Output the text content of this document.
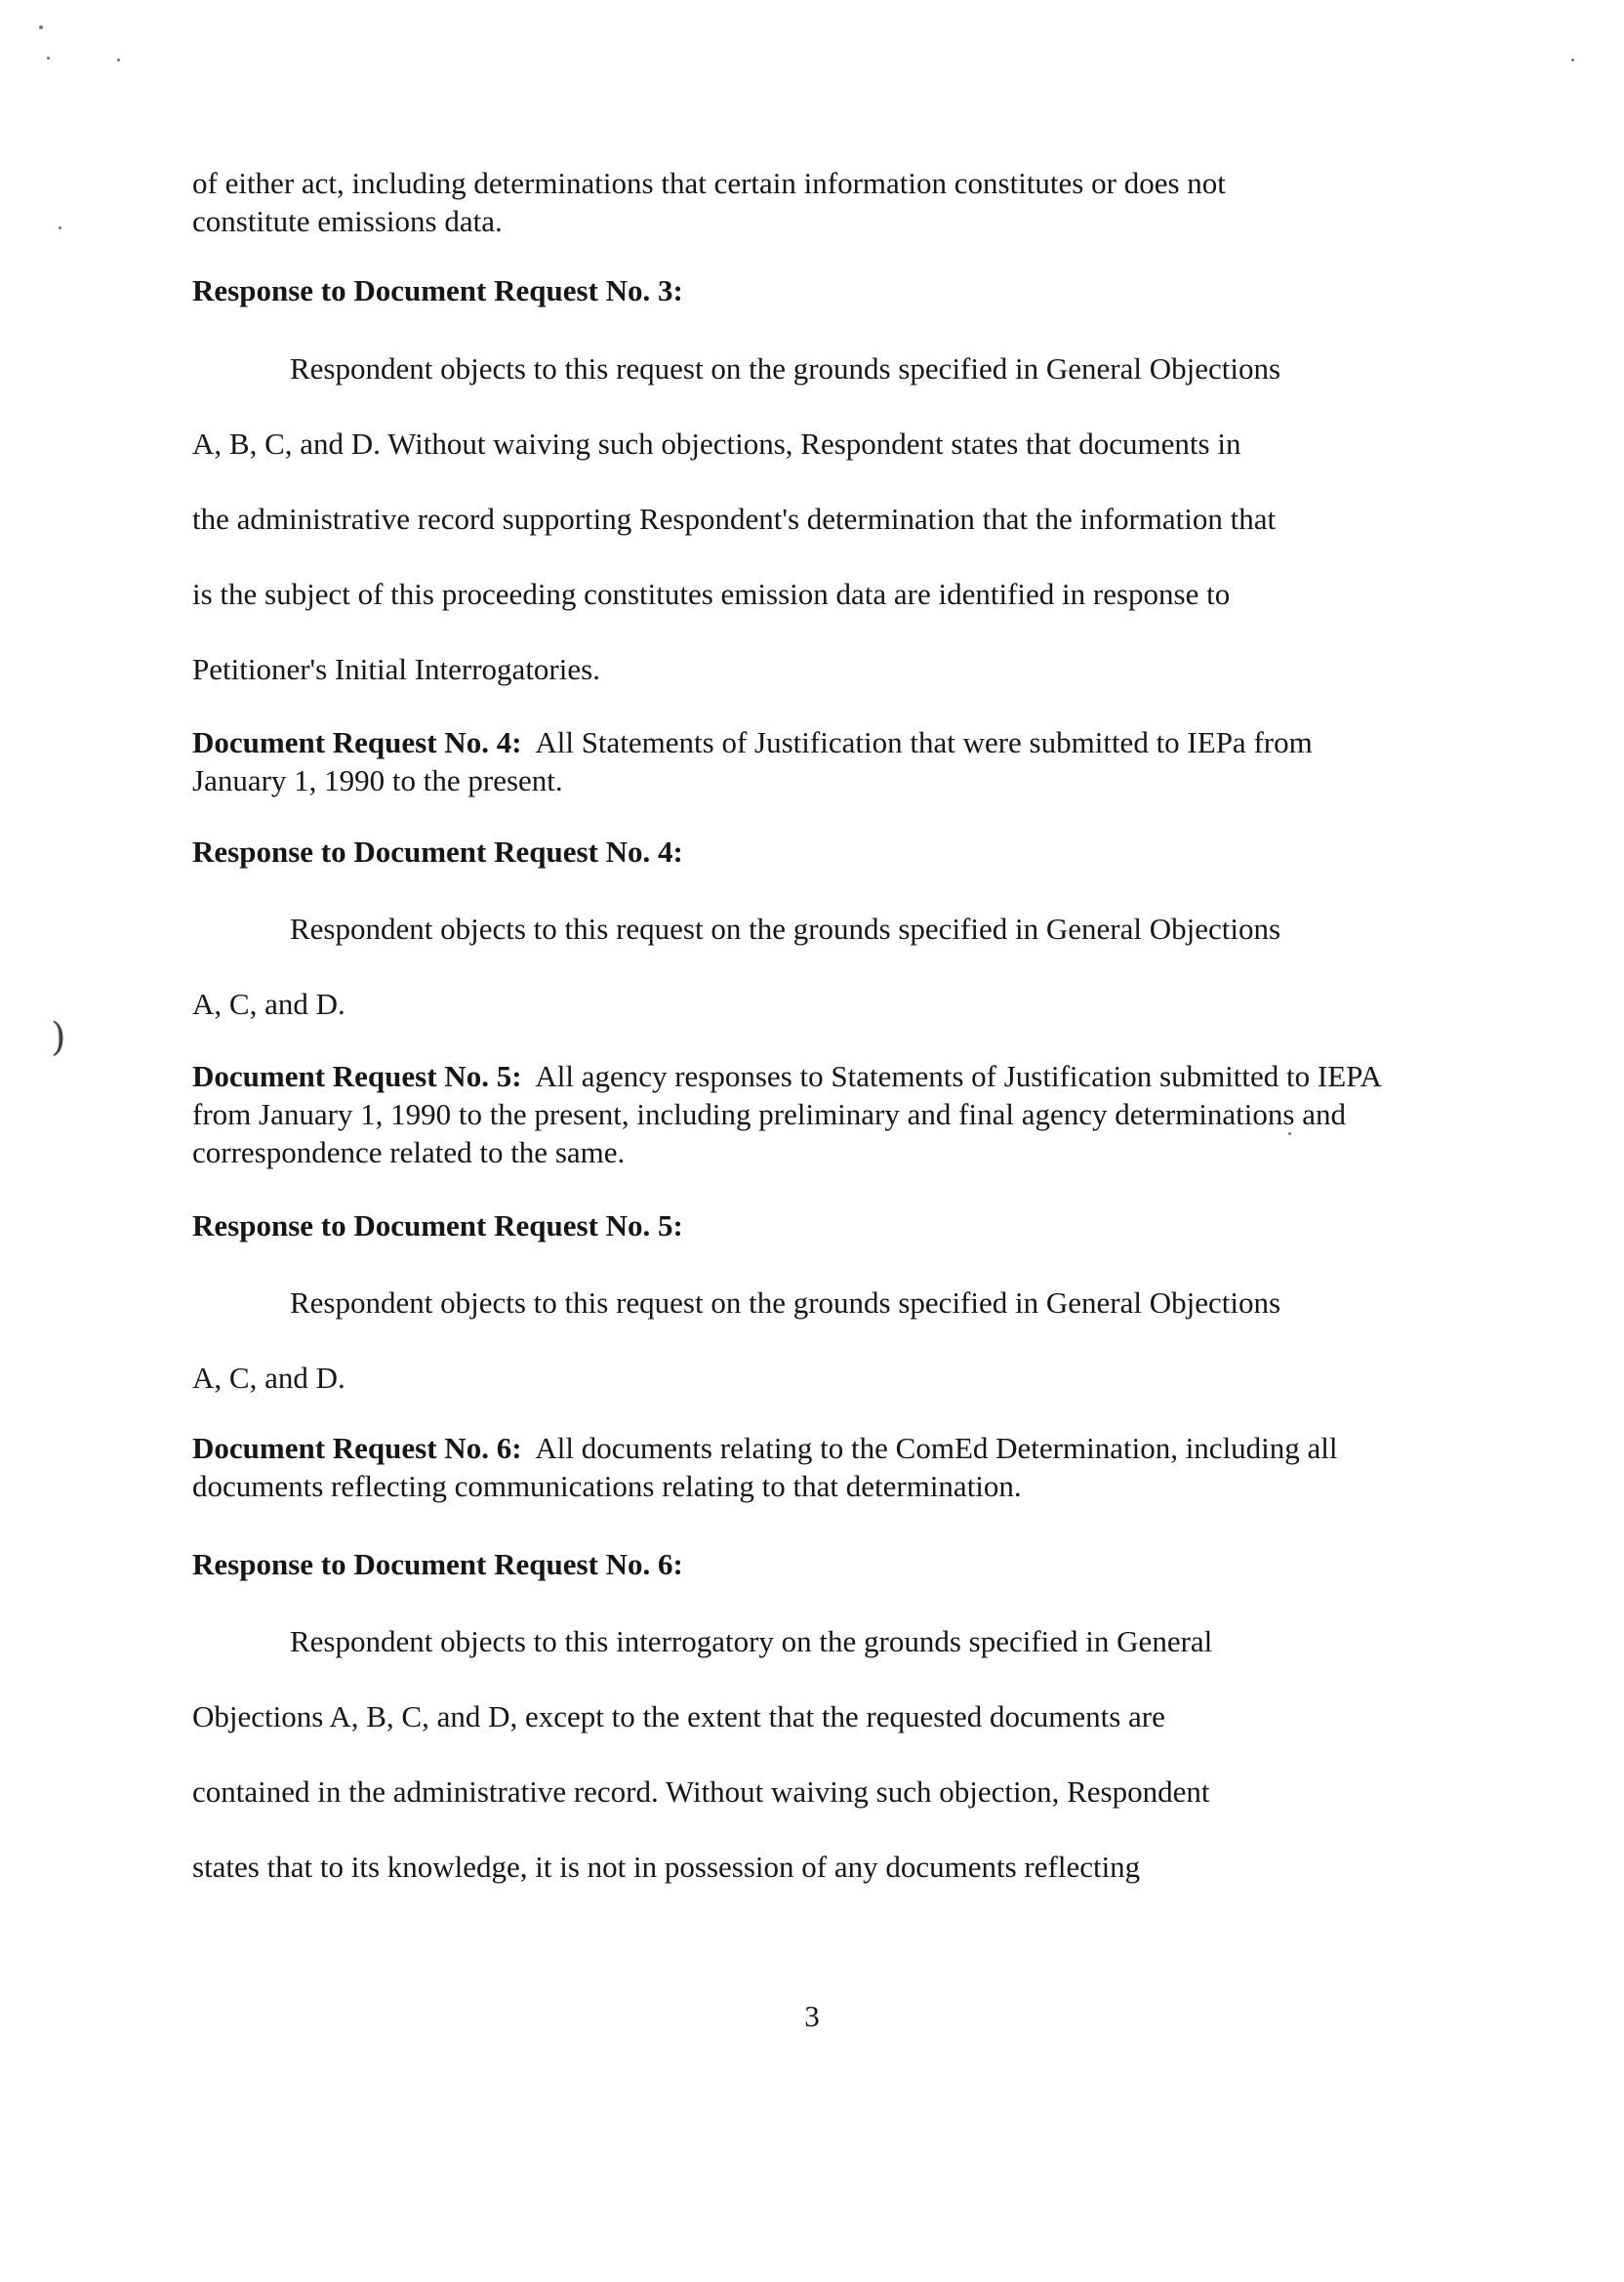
)

of either act, including determinations that certain information constitutes or does not
constitute emissions data.

Response to Document Request No. 3:

Respondent objects to this request on the grounds specified in General Objections
A, B, C, and D. Without waiving such objections, Respondent states that documents in
the administrative record supporting Respondent's determination that the information that
is the subject of this proceeding constitutes emission data are identified in response to
Petitioner's Initial Interrogatories.

Document Request No. 4: All Statements of Justification that were submitted to IEPa from January 1, 1990 to the present.

Response to Document Request No. 4:

Respondent objects to this request on the grounds specified in General Objections
A, C, and D.

Document Request No. 5: All agency responses to Statements of Justification submitted to IEPA from January 1, 1990 to the present, including preliminary and final agency determinations and correspondence related to the same.

Response to Document Request No. 5:

Respondent objects to this request on the grounds specified in General Objections
A, C, and D.

Document Request No. 6: All documents relating to the ComEd Determination, including all documents reflecting communications relating to that determination.

Response to Document Request No. 6:

Respondent objects to this interrogatory on the grounds specified in General
Objections A, B, C, and D, except to the extent that the requested documents are
contained in the administrative record. Without waiving such objection, Respondent
states that to its knowledge, it is not in possession of any documents reflecting
3
